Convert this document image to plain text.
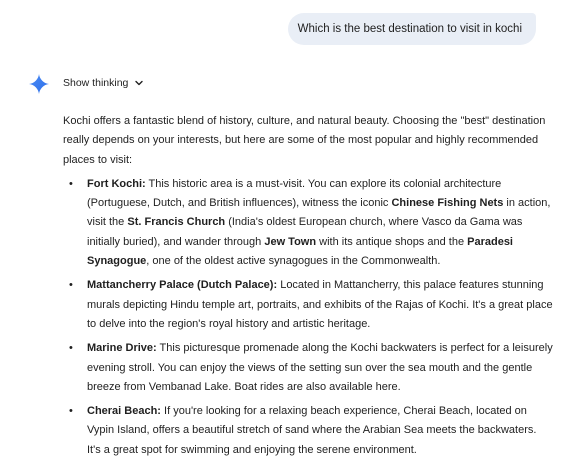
Which is the best destination to visit in kochi
Show thinking

Kochi offers a fantastic blend of history, culture, and natural beauty. Choosing the "best" destination really depends on your interests, but here are some of the most popular and highly recommended places to visit:

• Fort Kochi: This historic area is a must-visit. You can explore its colonial architecture (Portuguese, Dutch, and British influences), witness the iconic Chinese Fishing Nets in action, visit the St. Francis Church (India's oldest European church, where Vasco da Gama was initially buried), and wander through Jew Town with its antique shops and the Paradesi Synagogue, one of the oldest active synagogues in the Commonwealth.
• Mattancherry Palace (Dutch Palace): Located in Mattancherry, this palace features stunning murals depicting Hindu temple art, portraits, and exhibits of the Rajas of Kochi. It's a great place to delve into the region's royal history and artistic heritage.
• Marine Drive: This picturesque promenade along the Kochi backwaters is perfect for a leisurely evening stroll. You can enjoy the views of the setting sun over the sea mouth and the gentle breeze from Vembanad Lake. Boat rides are also available here.
• Cherai Beach: If you're looking for a relaxing beach experience, Cherai Beach, located on Vypin Island, offers a beautiful stretch of sand where the Arabian Sea meets the backwaters. It's a great spot for swimming and enjoying the serene environment.
